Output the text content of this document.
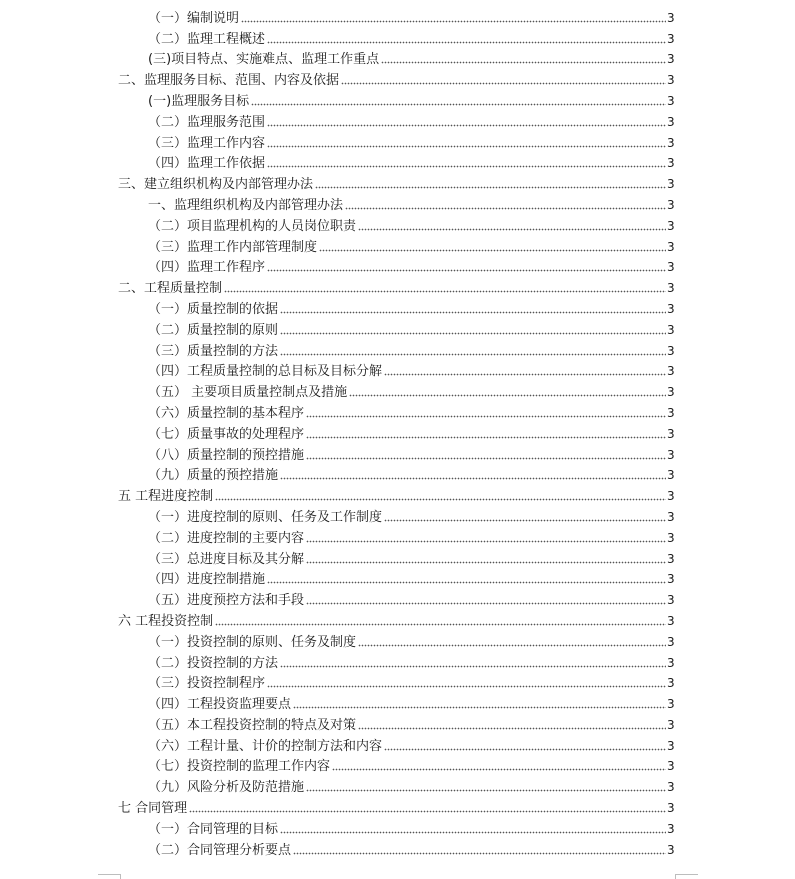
（一）编制说明	3
（二）监理工程概述	3
(三)项目特点、实施难点、监理工作重点	3
二、监理服务目标、范围、内容及依据	3
(一)监理服务目标	3
（二）监理服务范围	3
（三）监理工作内容	3
（四）监理工作依据	3
三、建立组织机构及内部管理办法	3
一、监理组织机构及内部管理办法	3
（二）项目监理机构的人员岗位职责	3
（三）监理工作内部管理制度	3
（四）监理工作程序	3
二、工程质量控制	3
（一）质量控制的依据	3
（二）质量控制的原则	3
（三）质量控制的方法	3
（四）工程质量控制的总目标及目标分解	3
（五） 主要项目质量控制点及措施	3
（六）质量控制的基本程序	3
（七）质量事故的处理程序	3
（八）质量控制的预控措施	3
（九）质量的预控措施	3
五 工程进度控制	3
（一）进度控制的原则、任务及工作制度	3
（二）进度控制的主要内容	3
（三）总进度目标及其分解	3
（四）进度控制措施	3
（五）进度预控方法和手段	3
六 工程投资控制	3
（一）投资控制的原则、任务及制度	3
（二）投资控制的方法	3
（三）投资控制程序	3
（四）工程投资监理要点	3
（五）本工程投资控制的特点及对策	3
（六）工程计量、计价的控制方法和内容	3
（七）投资控制的监理工作内容	3
（九）风险分析及防范措施	3
七 合同管理	3
（一）合同管理的目标	3
（二）合同管理分析要点	3
